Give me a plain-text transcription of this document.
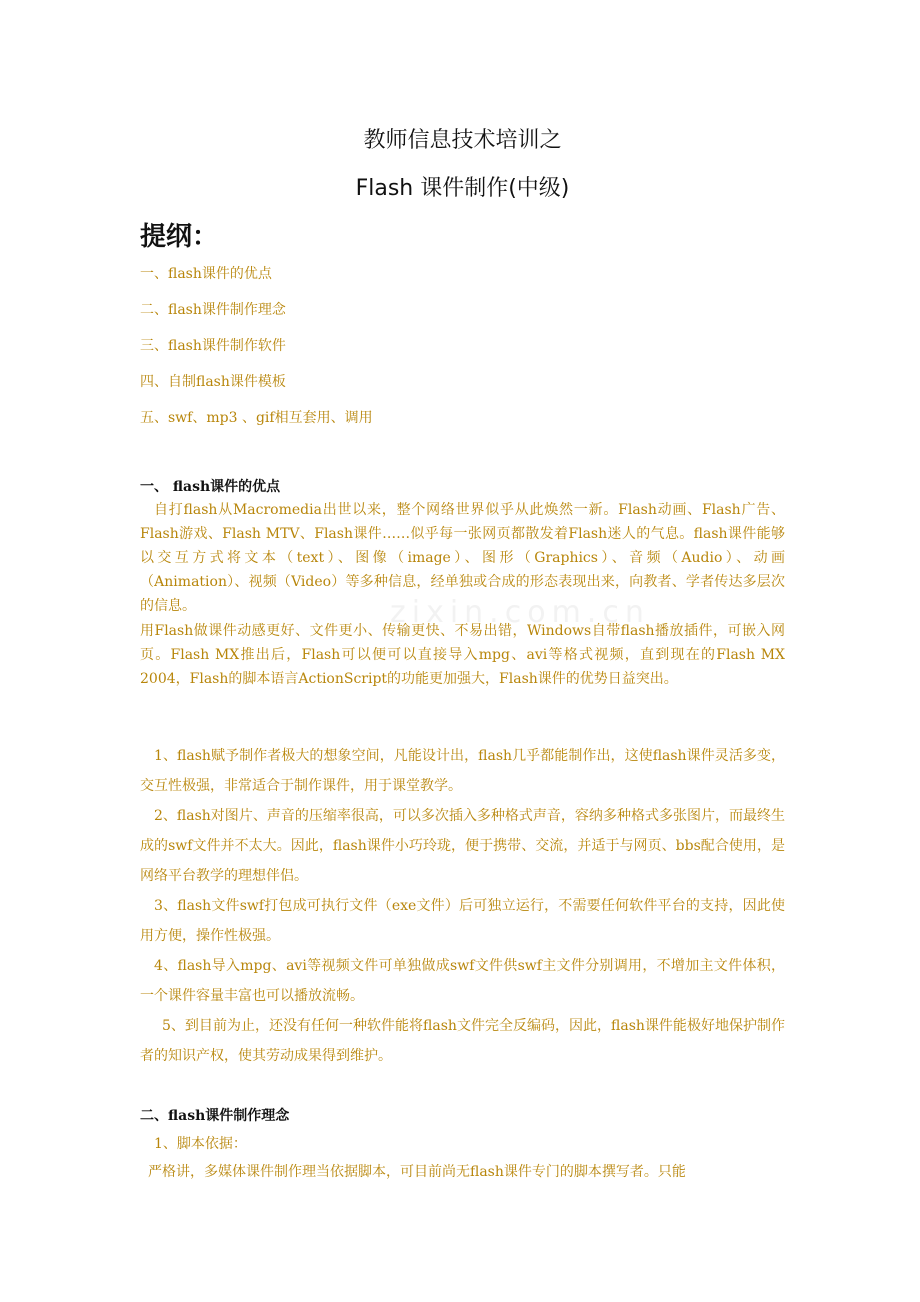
zixin.com.cn
教师信息技术培训之
Flash 课件制作(中级)
提纲：
一、flash课件的优点
二、flash课件制作理念
三、flash课件制作软件
四、自制flash课件模板
五、swf、mp3 、gif相互套用、调用
一、 flash课件的优点

自打flash从Macromedia出世以来，整个网络世界似乎从此焕然一新。Flash动画、Flash广告、Flash游戏、Flash MTV、Flash课件……似乎每一张网页都散发着Flash迷人的气息。flash课件能够以交互方式将文本（text）、图像（image）、图形（Graphics）、音频（Audio）、动画（Animation）、视频（Video）等多种信息，经单独或合成的形态表现出来，向教者、学者传达多层次的信息。

用Flash做课件动感更好、文件更小、传输更快、不易出错，Windows自带flash播放插件，可嵌入网页。Flash MX推出后，Flash可以便可以直接导入mpg、avi等格式视频，直到现在的Flash MX 2004，Flash的脚本语言ActionScript的功能更加强大，Flash课件的优势日益突出。

1、flash赋予制作者极大的想象空间，凡能设计出，flash几乎都能制作出，这使flash课件灵活多变，交互性极强，非常适合于制作课件，用于课堂教学。

2、flash对图片、声音的压缩率很高，可以多次插入多种格式声音，容纳多种格式多张图片，而最终生成的swf文件并不太大。因此，flash课件小巧玲珑，便于携带、交流，并适于与网页、bbs配合使用，是网络平台教学的理想伴侣。

3、flash文件swf打包成可执行文件（exe文件）后可独立运行，不需要任何软件平台的支持，因此使用方便，操作性极强。

4、flash导入mpg、avi等视频文件可单独做成swf文件供swf主文件分别调用，不增加主文件体积，一个课件容量丰富也可以播放流畅。

5、到目前为止，还没有任何一种软件能将flash文件完全反编码，因此，flash课件能极好地保护制作者的知识产权，使其劳动成果得到维护。

二、flash课件制作理念
1、脚本依据：

严格讲，多媒体课件制作理当依据脚本，可目前尚无flash课件专门的脚本撰写者。只能
